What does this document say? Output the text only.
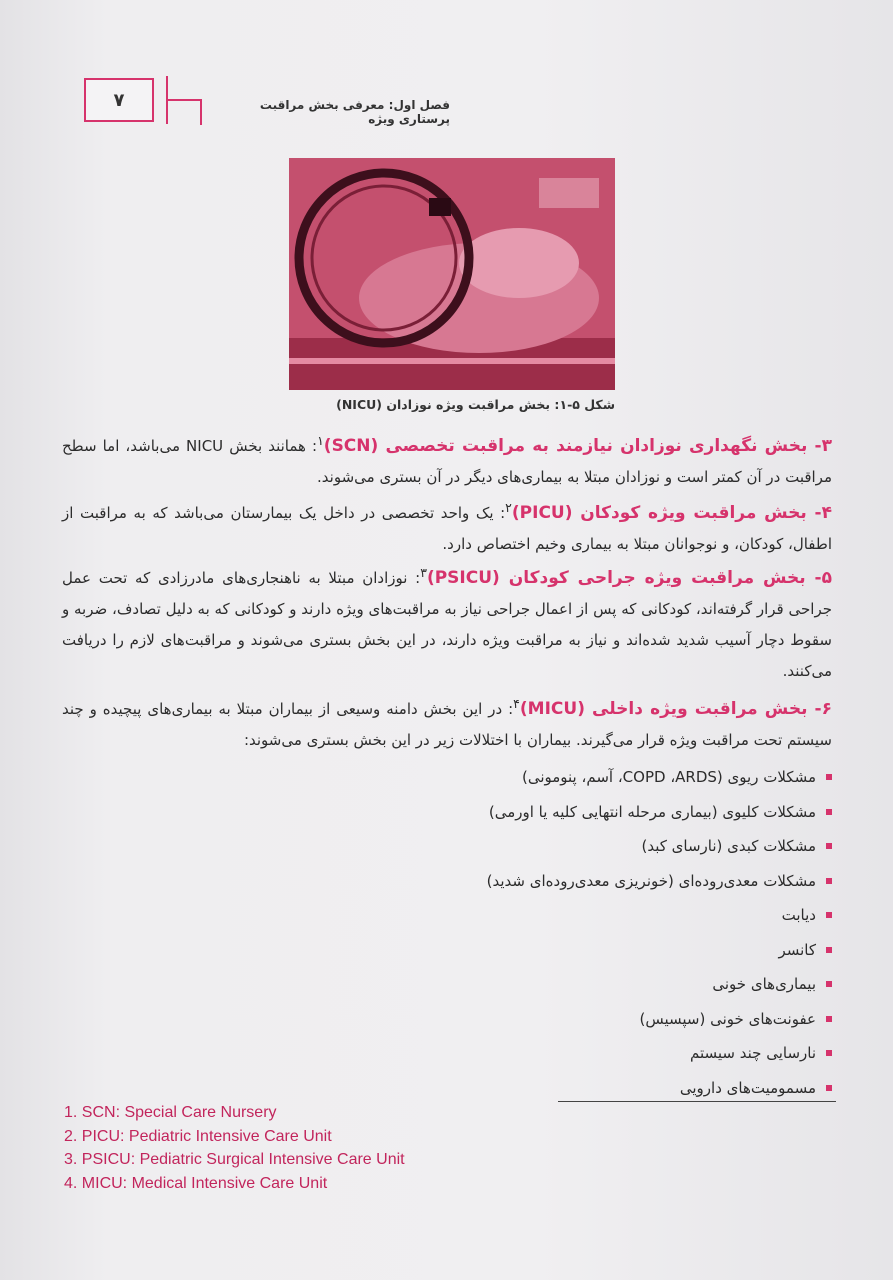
۷	فصل اول: معرفی بخش مراقبت پرستاری ویژه
شکل ۵-۱: بخش مراقبت ویژه نوزادان (NICU)
۳- بخش نگهداری نوزادان نیازمند به مراقبت تخصصی (SCN)$^۱$: همانند بخش NICU می‌باشد، اما سطح مراقبت در آن کمتر است و نوزادان مبتلا به بیماری‌های دیگر در آن بستری می‌شوند.
۴- بخش مراقبت ویژه کودکان (PICU)$^۲$: یک واحد تخصصی در داخل یک بیمارستان می‌باشد که به مراقبت از اطفال، کودکان، و نوجوانان مبتلا به بیماری وخیم اختصاص دارد.
۵- بخش مراقبت ویژه جراحی کودکان (PSICU)$^۳$: نوزادان مبتلا به ناهنجاری‌های مادرزادی که تحت عمل جراحی قرار گرفته‌اند، کودکانی که پس از اعمال جراحی نیاز به مراقبت‌های ویژه دارند و کودکانی که به دلیل تصادف، ضربه و سقوط دچار آسیب شدید شده‌اند و نیاز به مراقبت ویژه دارند، در این بخش بستری می‌شوند و مراقبت‌های لازم را دریافت می‌کنند.
۶- بخش مراقبت ویژه داخلی (MICU)$^۴$: در این بخش دامنه وسیعی از بیماران مبتلا به بیماری‌های پیچیده و چند سیستم تحت مراقبت ویژه قرار می‌گیرند. بیماران با اختلالات زیر در این بخش بستری می‌شوند:
مشکلات ریوی (COPD ،ARDS، آسم، پنومونی)
مشکلات کلیوی (بیماری مرحله انتهایی کلیه یا اورمی)
مشکلات کبدی (نارسای کبد)
مشکلات معدی‌روده‌ای (خونریزی معدی‌روده‌ای شدید)
دیابت
کانسر
بیماری‌های خونی
عفونت‌های خونی (سپسیس)
نارسایی چند سیستم
مسمومیت‌های دارویی
1. SCN: Special Care Nursery
2. PICU: Pediatric Intensive Care Unit
3. PSICU: Pediatric Surgical Intensive Care Unit
4. MICU: Medical Intensive Care Unit
